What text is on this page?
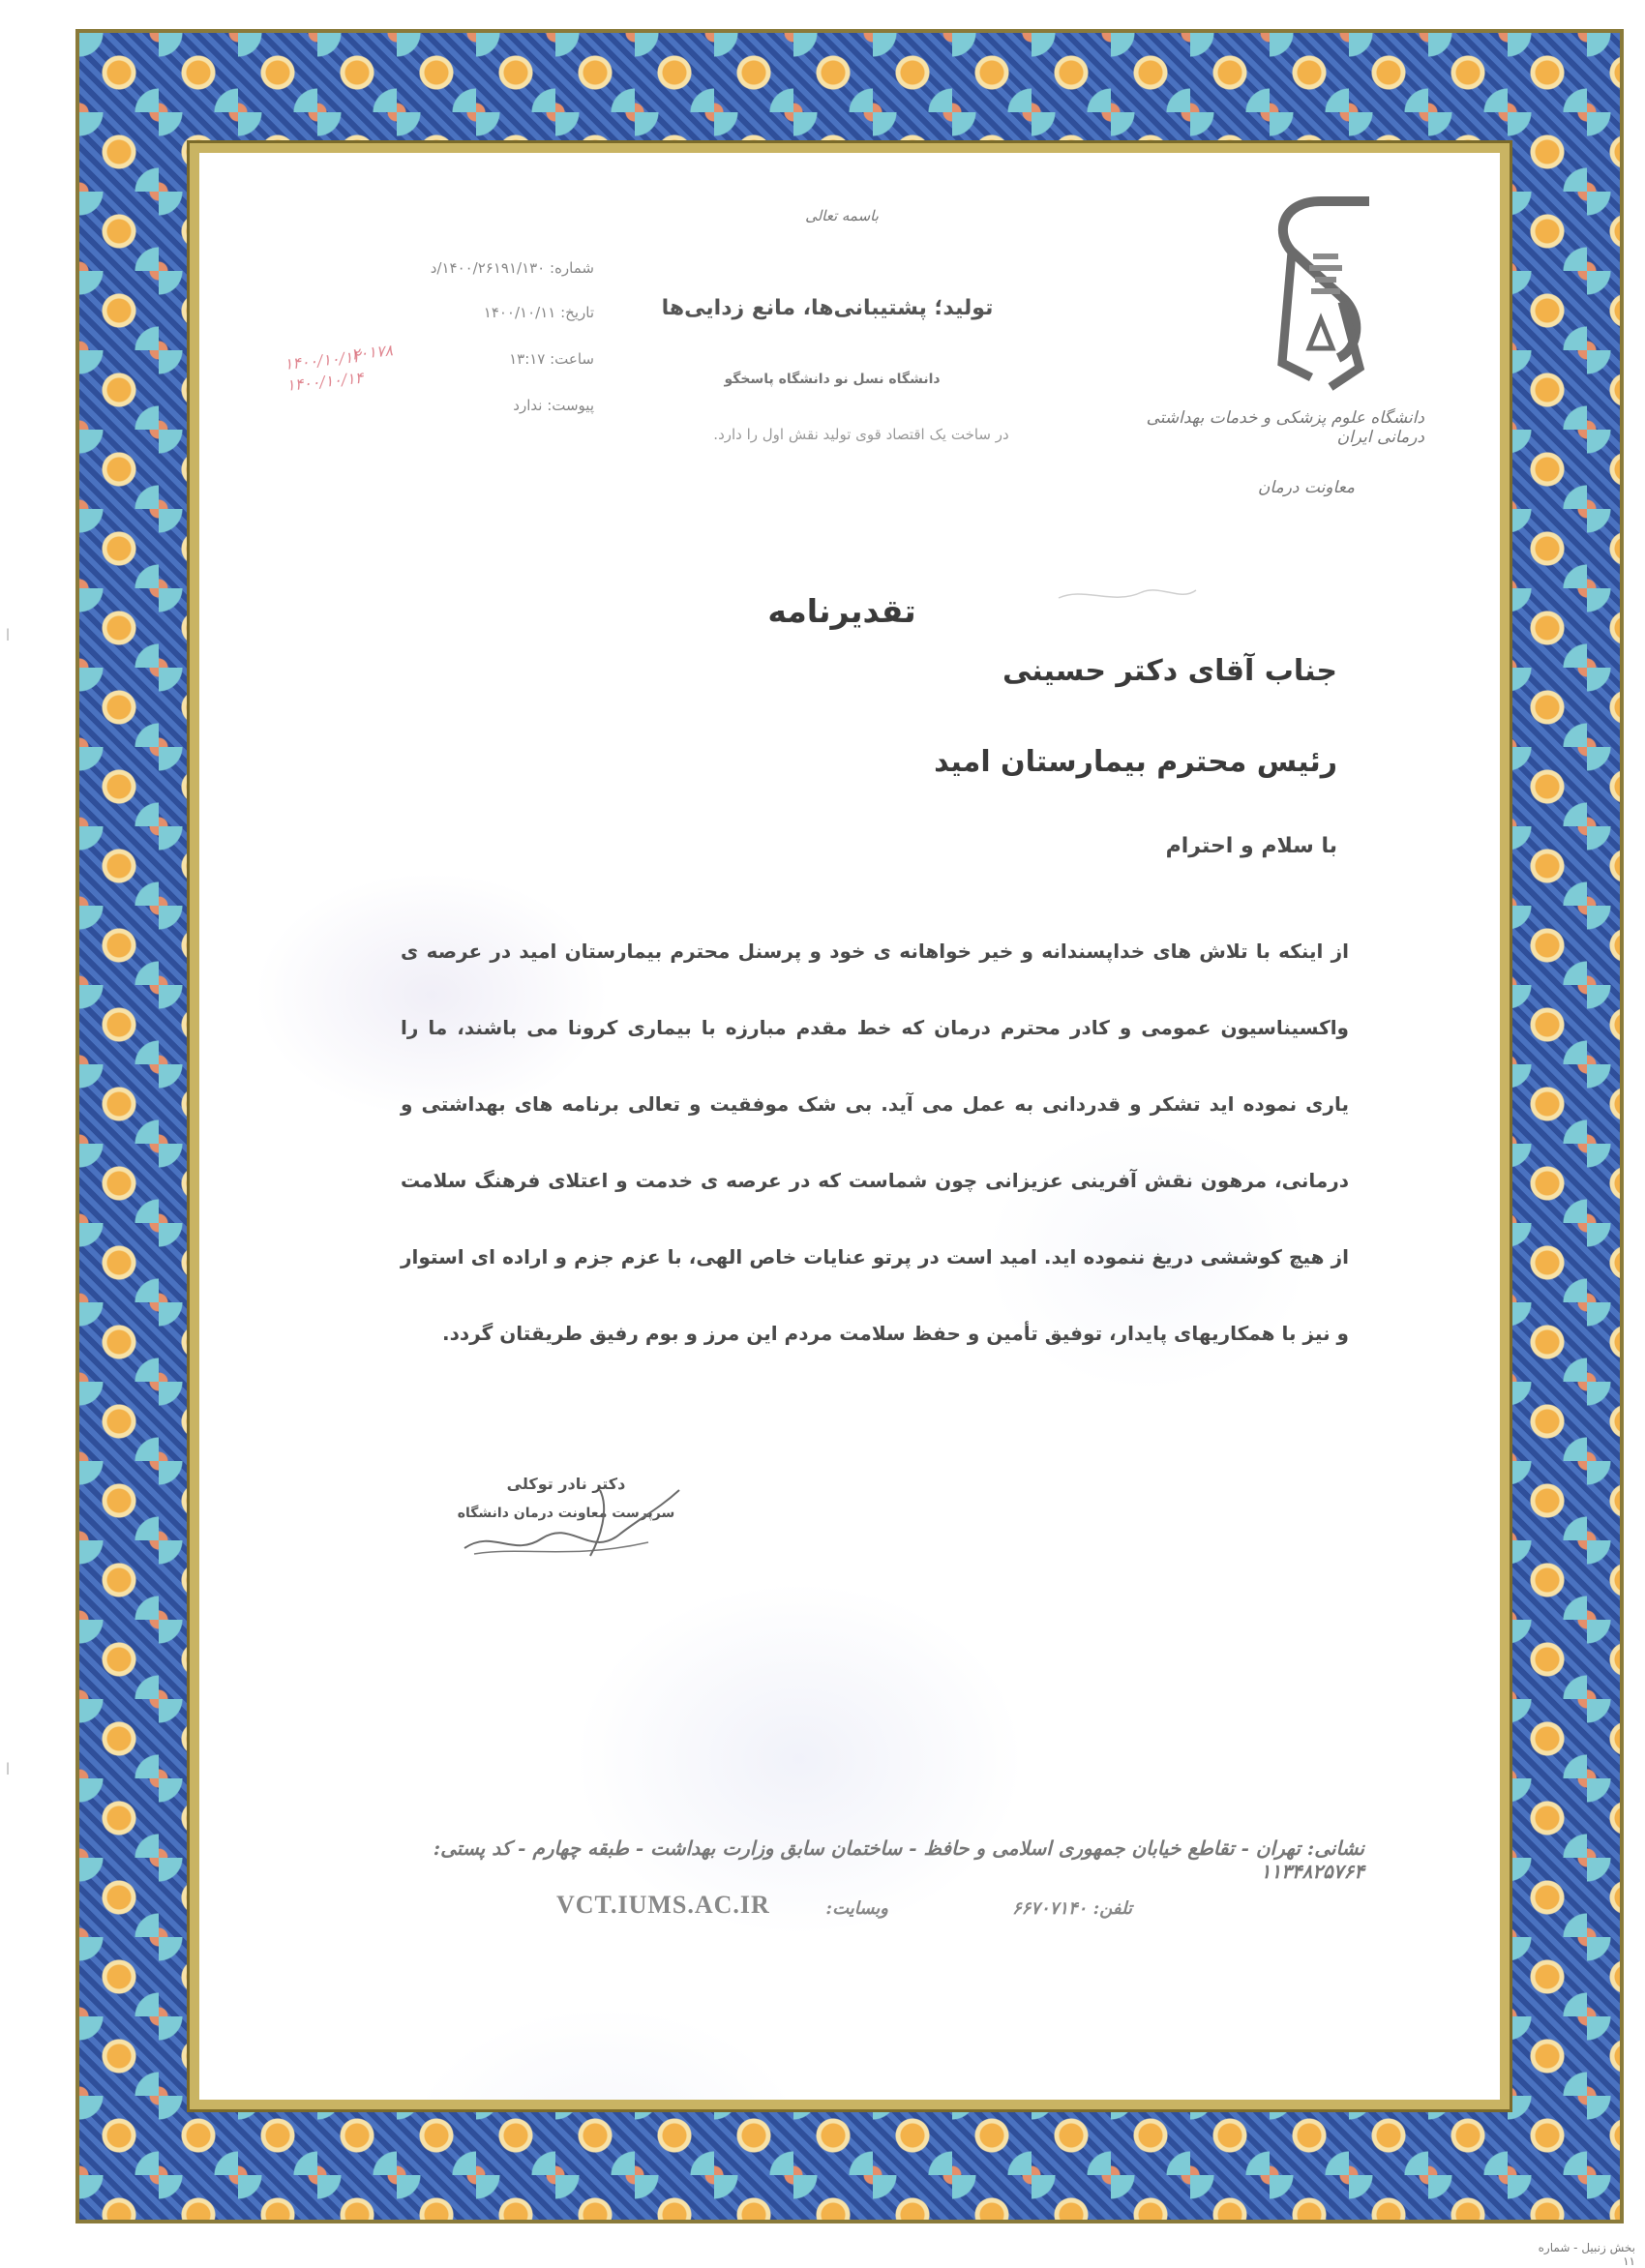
|
|
دانشگاه علوم پزشکی و خدمات بهداشتی درمانی ایران
معاونت درمان
باسمه تعالی
تولید؛ پشتیبانی‌ها، مانع زدایی‌ها
دانشگاه نسل نو دانشگاه پاسخگو
در ساخت یک اقتصاد قوی تولید نقش اول را دارد.
شماره: ۱۴۰۰/۲۶۱۹۱/۱۳۰/د
تاریخ: ۱۴۰۰/۱۰/۱۱
ساعت: ۱۳:۱۷
پیوست: ندارد
۱۴۰۰/۱۰/۱۲
۲۰۱۷۸
۱۴۰۰/۱۰/۱۴
تقدیرنامه
جناب آقای دکتر حسینی
رئیس محترم بیمارستان امید
با سلام و احترام
از اینکه با تلاش های خداپسندانه و خیر خواهانه ی خود و پرسنل محترم بیمارستان امید در عرصه ی واکسیناسیون عمومی و کادر محترم درمان که خط مقدم مبارزه با بیماری کرونا می باشند، ما را یاری نموده اید تشکر و قدردانی به عمل می آید. بی شک موفقیت و تعالی برنامه های بهداشتی و درمانی، مرهون نقش آفرینی عزیزانی چون شماست که در عرصه ی خدمت و اعتلای فرهنگ سلامت از هیچ کوششی دریغ ننموده اید. امید است در پرتو عنایات خاص الهی، با عزم جزم و اراده ای استوار و نیز با همکاریهای پایدار، توفیق تأمین و حفظ سلامت مردم این مرز و بوم رفیق طریقتان گردد.
دکتر نادر توکلی
سرپرست معاونت درمان دانشگاه
نشانی: تهران - تقاطع خیابان جمهوری اسلامی و حافظ - ساختمان سابق وزارت بهداشت - طبقه چهارم - کد پستی: ۱۱۳۴۸۲۵۷۶۴
تلفن: ۶۶۷۰۷۱۴۰
وبسایت:
VCT.IUMS.AC.IR
بخش زنبیل - شماره ۱۱
